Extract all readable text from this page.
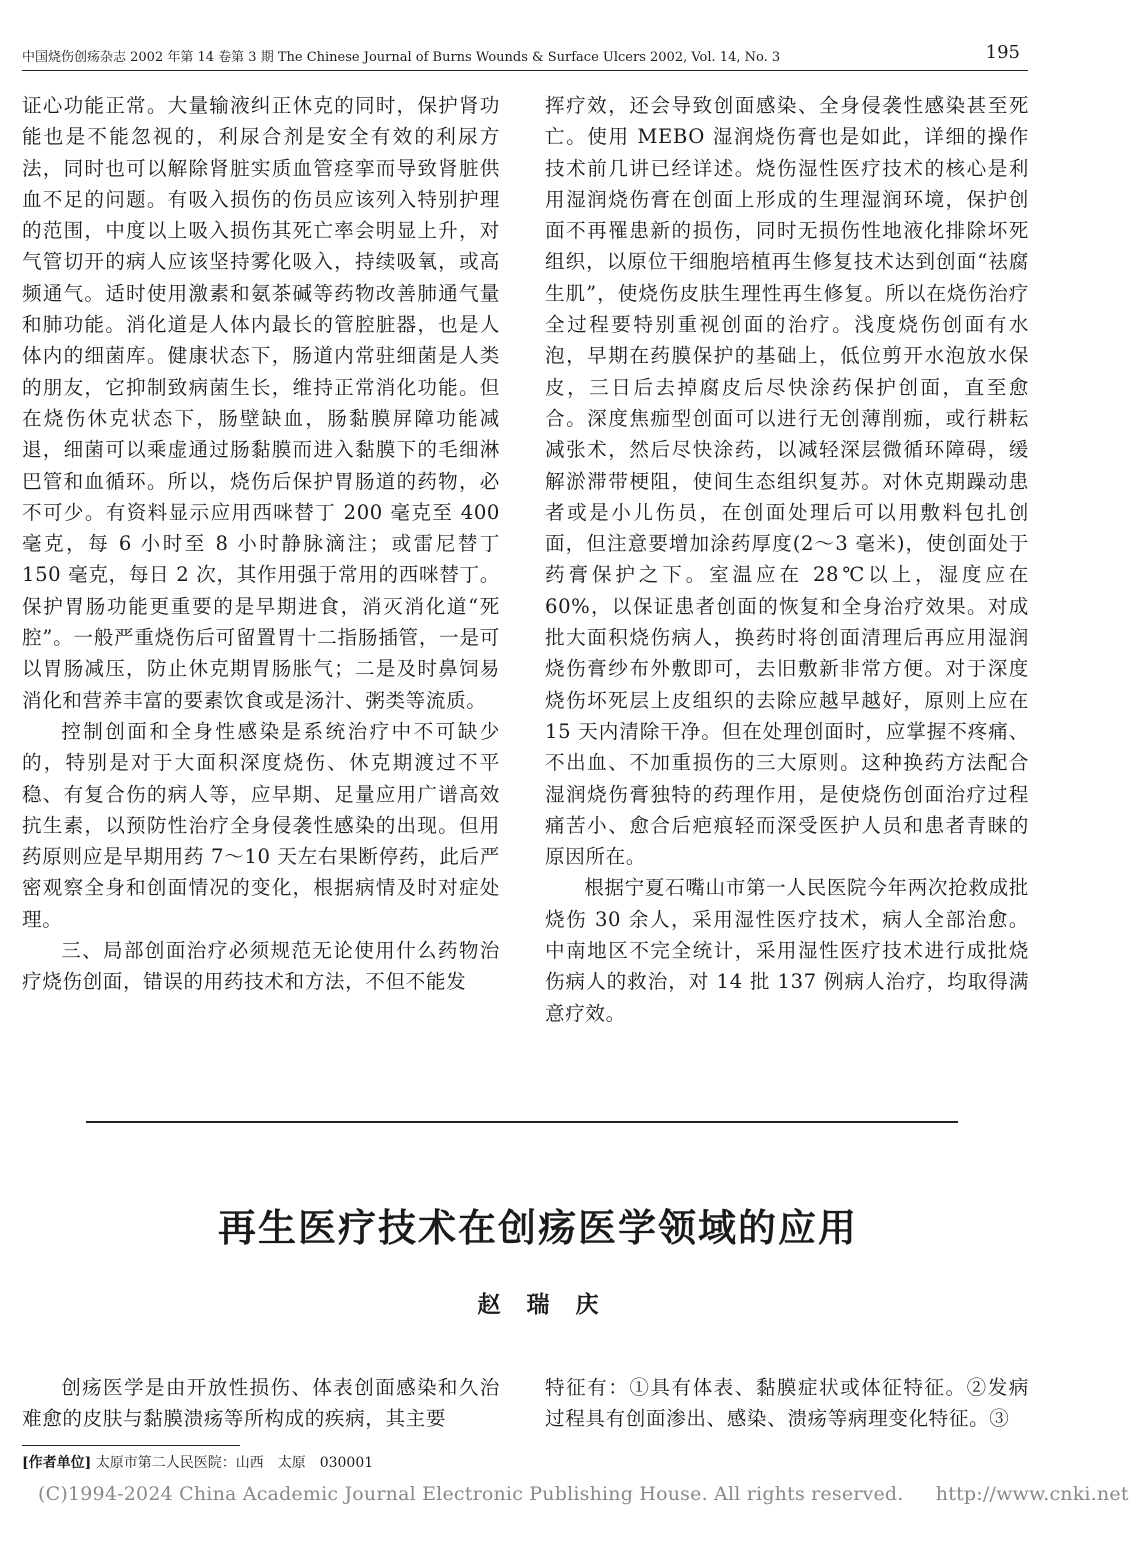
中国烧伤创疡杂志 2002 年第 14 卷第 3 期 The Chinese Journal of Burns Wounds & Surface Ulcers 2002, Vol. 14, No. 3	195

证心功能正常。大量输液纠正休克的同时，保护肾功能也是不能忽视的，利尿合剂是安全有效的利尿方法，同时也可以解除肾脏实质血管痉挛而导致肾脏供血不足的问题。有吸入损伤的伤员应该列入特别护理的范围，中度以上吸入损伤其死亡率会明显上升，对气管切开的病人应该坚持雾化吸入，持续吸氧，或高频通气。适时使用激素和氨茶碱等药物改善肺通气量和肺功能。消化道是人体内最长的管腔脏器，也是人体内的细菌库。健康状态下，肠道内常驻细菌是人类的朋友，它抑制致病菌生长，维持正常消化功能。但在烧伤休克状态下，肠壁缺血，肠黏膜屏障功能减退，细菌可以乘虚通过肠黏膜而进入黏膜下的毛细淋巴管和血循环。所以，烧伤后保护胃肠道的药物，必不可少。有资料显示应用西咪替丁 200 毫克至 400 毫克，每 6 小时至 8 小时静脉滴注；或雷尼替丁 150 毫克，每日 2 次，其作用强于常用的西咪替丁。保护胃肠功能更重要的是早期进食，消灭消化道“死腔”。一般严重烧伤后可留置胃十二指肠插管，一是可以胃肠减压，防止休克期胃肠胀气；二是及时鼻饲易消化和营养丰富的要素饮食或是汤汁、粥类等流质。

控制创面和全身性感染是系统治疗中不可缺少的，特别是对于大面积深度烧伤、休克期渡过不平稳、有复合伤的病人等，应早期、足量应用广谱高效抗生素，以预防性治疗全身侵袭性感染的出现。但用药原则应是早期用药 7～10 天左右果断停药，此后严密观察全身和创面情况的变化，根据病情及时对症处理。

三、局部创面治疗必须规范无论使用什么药物治疗烧伤创面，错误的用药技术和方法，不但不能发

挥疗效，还会导致创面感染、全身侵袭性感染甚至死亡。使用 MEBO 湿润烧伤膏也是如此，详细的操作技术前几讲已经详述。烧伤湿性医疗技术的核心是利用湿润烧伤膏在创面上形成的生理湿润环境，保护创面不再罹患新的损伤，同时无损伤性地液化排除坏死组织，以原位干细胞培植再生修复技术达到创面“祛腐生肌”，使烧伤皮肤生理性再生修复。所以在烧伤治疗全过程要特别重视创面的治疗。浅度烧伤创面有水泡，早期在药膜保护的基础上，低位剪开水泡放水保皮，三日后去掉腐皮后尽快涂药保护创面，直至愈合。深度焦痂型创面可以进行无创薄削痂，或行耕耘减张术，然后尽快涂药，以减轻深层微循环障碍，缓解淤滞带梗阻，使间生态组织复苏。对休克期躁动患者或是小儿伤员，在创面处理后可以用敷料包扎创面，但注意要增加涂药厚度(2～3 毫米)，使创面处于药膏保护之下。室温应在 28℃以上，湿度应在 60%，以保证患者创面的恢复和全身治疗效果。对成批大面积烧伤病人，换药时将创面清理后再应用湿润烧伤膏纱布外敷即可，去旧敷新非常方便。对于深度烧伤坏死层上皮组织的去除应越早越好，原则上应在 15 天内清除干净。但在处理创面时，应掌握不疼痛、不出血、不加重损伤的三大原则。这种换药方法配合湿润烧伤膏独特的药理作用，是使烧伤创面治疗过程痛苦小、愈合后疤痕轻而深受医护人员和患者青睐的原因所在。

根据宁夏石嘴山市第一人民医院今年两次抢救成批烧伤 30 余人，采用湿性医疗技术，病人全部治愈。中南地区不完全统计，采用湿性医疗技术进行成批烧伤病人的救治，对 14 批 137 例病人治疗，均取得满意疗效。

再生医疗技术在创疡医学领域的应用
赵瑞庆

创疡医学是由开放性损伤、体表创面感染和久治难愈的皮肤与黏膜溃疡等所构成的疾病，其主要

特征有：①具有体表、黏膜症状或体征特征。②发病过程具有创面渗出、感染、溃疡等病理变化特征。③

[作者单位] 太原市第二人民医院：山西　太原　030001
(C)1994-2024 China Academic Journal Electronic Publishing House. All rights reserved. http://www.cnki.net
